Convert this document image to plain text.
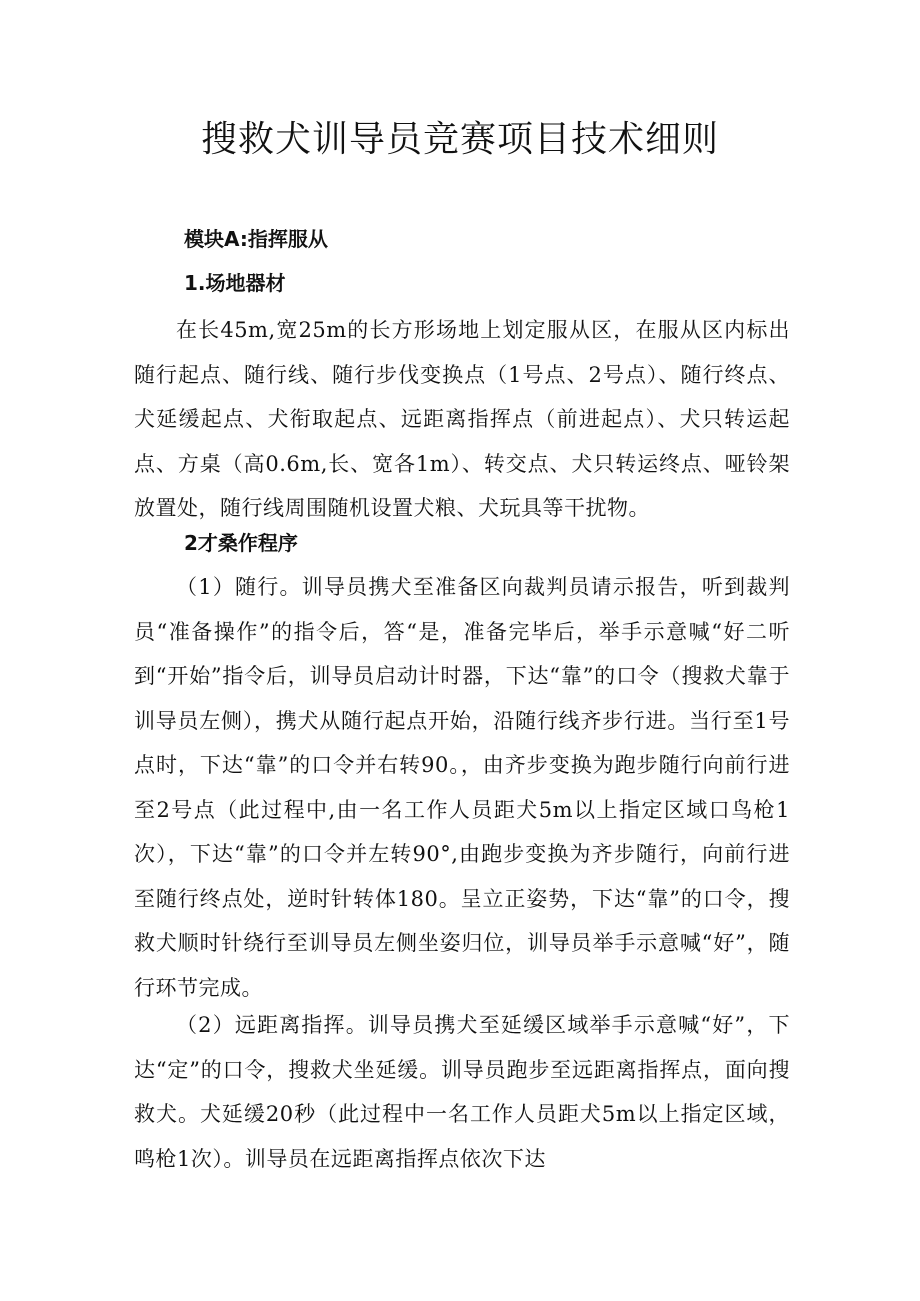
搜救犬训导员竞赛项目技术细则
模块A:指挥服从
1.场地器材

在长45m,宽25m的长方形场地上划定服从区，在服从区内标出随行起点、随行线、随行步伐变换点（1号点、2号点）、随行终点、犬延缓起点、犬衔取起点、远距离指挥点（前进起点）、犬只转运起点、方桌（高0.6m,长、宽各1m）、转交点、犬只转运终点、哑铃架放置处，随行线周围随机设置犬粮、犬玩具等干扰物。

2才桑作程序

（1）随行。训导员携犬至准备区向裁判员请示报告，听到裁判员“准备操作”的指令后，答“是，准备完毕后，举手示意喊“好二听到“开始”指令后，训导员启动计时器，下达“靠”的口令（搜救犬靠于训导员左侧），携犬从随行起点开始，沿随行线齐步行进。当行至1号点时，下达“靠”的口令并右转90。，由齐步变换为跑步随行向前行进至2号点（此过程中,由一名工作人员距犬5m以上指定区域口鸟枪1次），下达“靠”的口令并左转90°,由跑步变换为齐步随行，向前行进至随行终点处，逆时针转体180。呈立正姿势，下达“靠”的口令，搜救犬顺时针绕行至训导员左侧坐姿归位，训导员举手示意喊“好”，随行环节完成。

（2）远距离指挥。训导员携犬至延缓区域举手示意喊“好”，下达“定”的口令，搜救犬坐延缓。训导员跑步至远距离指挥点，面向搜救犬。犬延缓20秒（此过程中一名工作人员距犬5m以上指定区域，鸣枪1次）。训导员在远距离指挥点依次下达
